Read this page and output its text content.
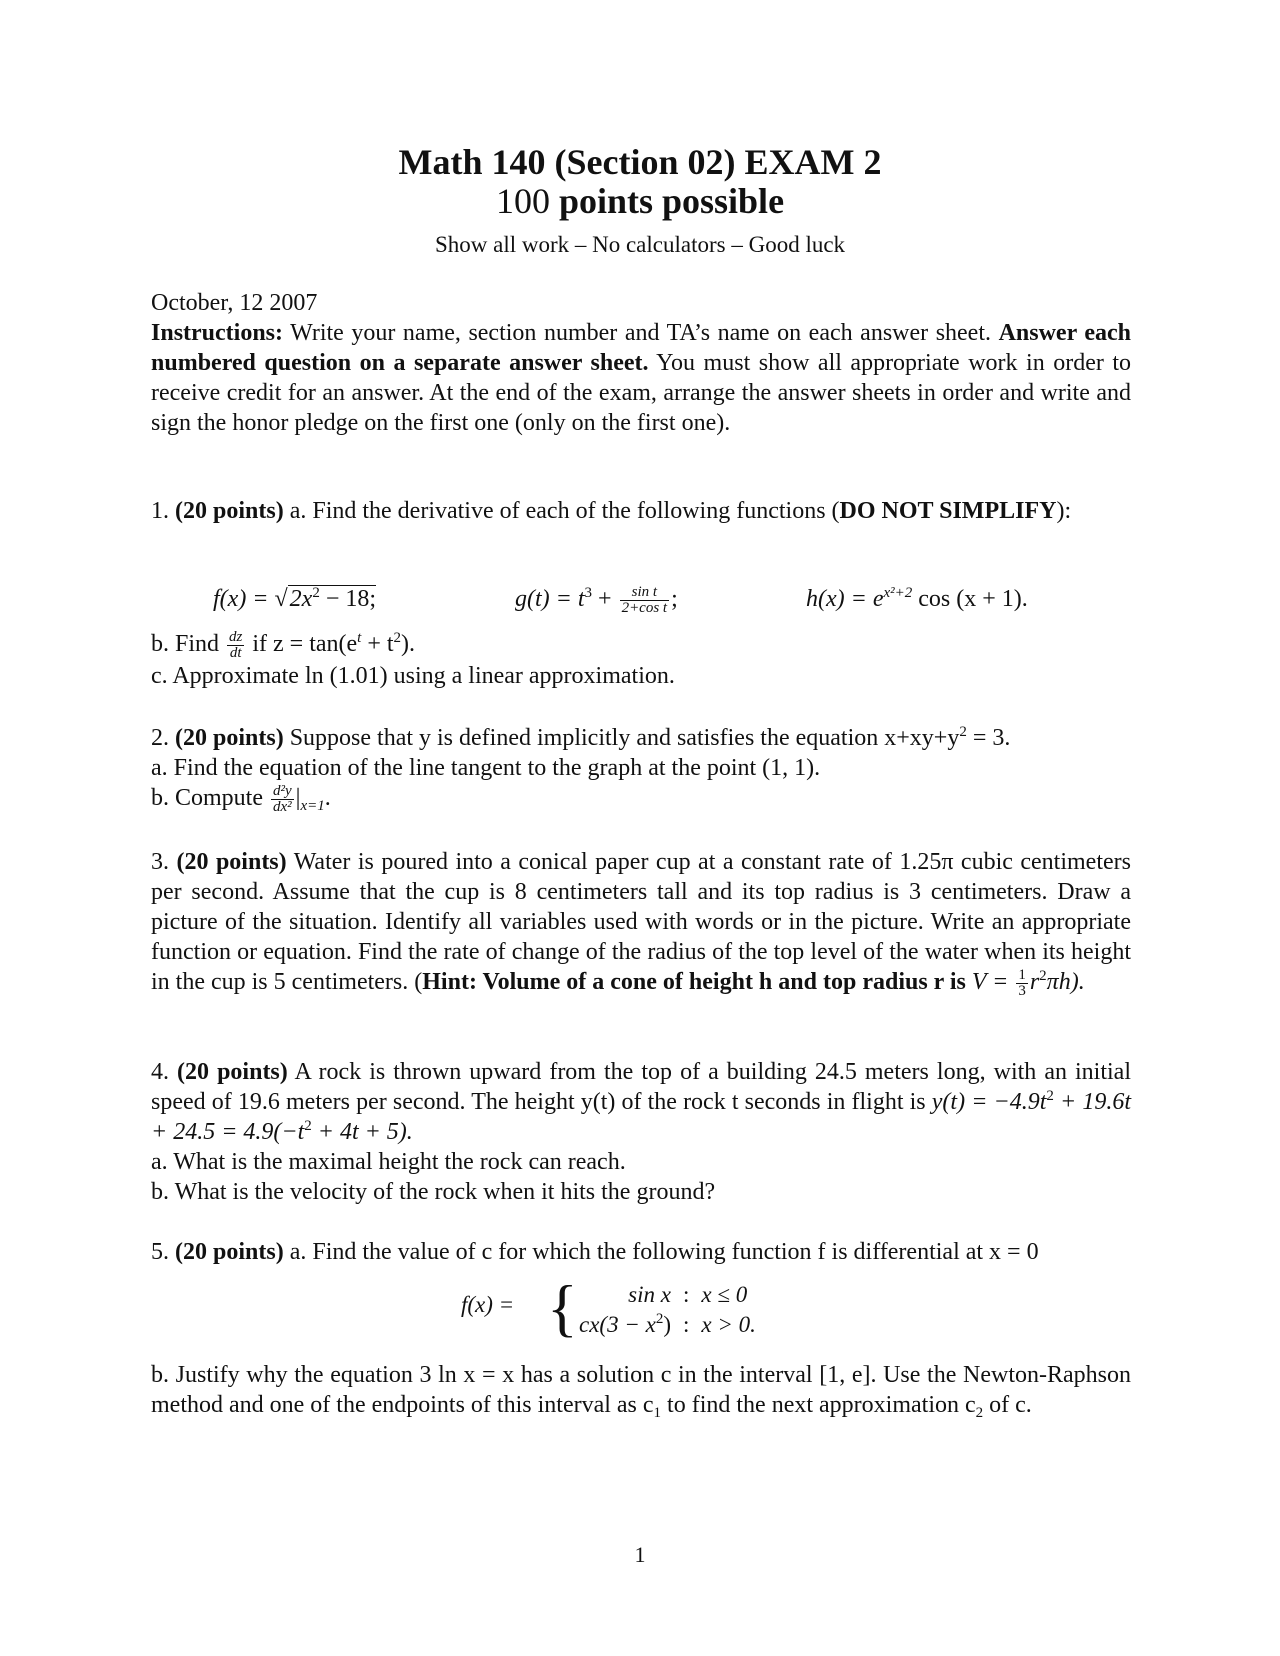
Math 140 (Section 02) EXAM 2
100 points possible
Show all work – No calculators – Good luck
October, 12 2007
Instructions: Write your name, section number and TA’s name on each answer sheet. Answer each numbered question on a separate answer sheet. You must show all appropriate work in order to receive credit for an answer. At the end of the exam, arrange the answer sheets in order and write and sign the honor pledge on the first one (only on the first one).
1. (20 points) a. Find the derivative of each of the following functions (DO NOT SIMPLIFY):
$f(x) = √2x^2 - 18$;	$g(t) = t^3 + \frac{\text{sin t}}{\text{2+cos t}}$ ;	$h(x) = e^{x^2+2}$ cos (x + 1).
b. Find $\frac{dz}{dt}$ if $z = \tan(e^t + t^2)$.
c. Approximate ln (1.01) using a linear approximation.
2. (20 points) Suppose that y is defined implicitly and satisfies the equation $x+xy+y^2 = 3$.
a. Find the equation of the line tangent to the graph at the point (1, 1).
b. Compute $\frac{\text{d²y}}{\text{dx²}} |_{x=1}$.
3. (20 points) Water is poured into a conical paper cup at a constant rate of 1.25π cubic centimeters per second. Assume that the cup is 8 centimeters tall and its top radius is 3 centimeters. Draw a picture of the situation. Identify all variables used with words or in the picture. Write an appropriate function or equation. Find the rate of change of the radius of the top level of the water when its height in the cup is 5 centimeters. (Hint: Volume of a cone of height h and top radius r is $V = \frac{1}{3} r^2\pi h$).
4. (20 points) A rock is thrown upward from the top of a building 24.5 meters long, with an initial speed of 19.6 meters per second. The height y(t) of the rock t seconds in flight is $y(t) = -4.9t^2 + 19.6t + 24.5 = 4.9(-t^2 + 4t + 5)$.
a. What is the maximal height the rock can reach.
b. What is the velocity of the rock when it hits the ground?
5. (20 points) a. Find the value of c for which the following function f is differential at x = 0
f(x) = { sin x	:	x ≤ 0
$cx(3 - x^2)$	:	x > 0.
b. Justify why the equation 3 ln x = x has a solution c in the interval [1, e]. Use the Newton-Raphson method and one of the endpoints of this interval as $c_1$ to find the next approximation $c_2$ of c.
1
